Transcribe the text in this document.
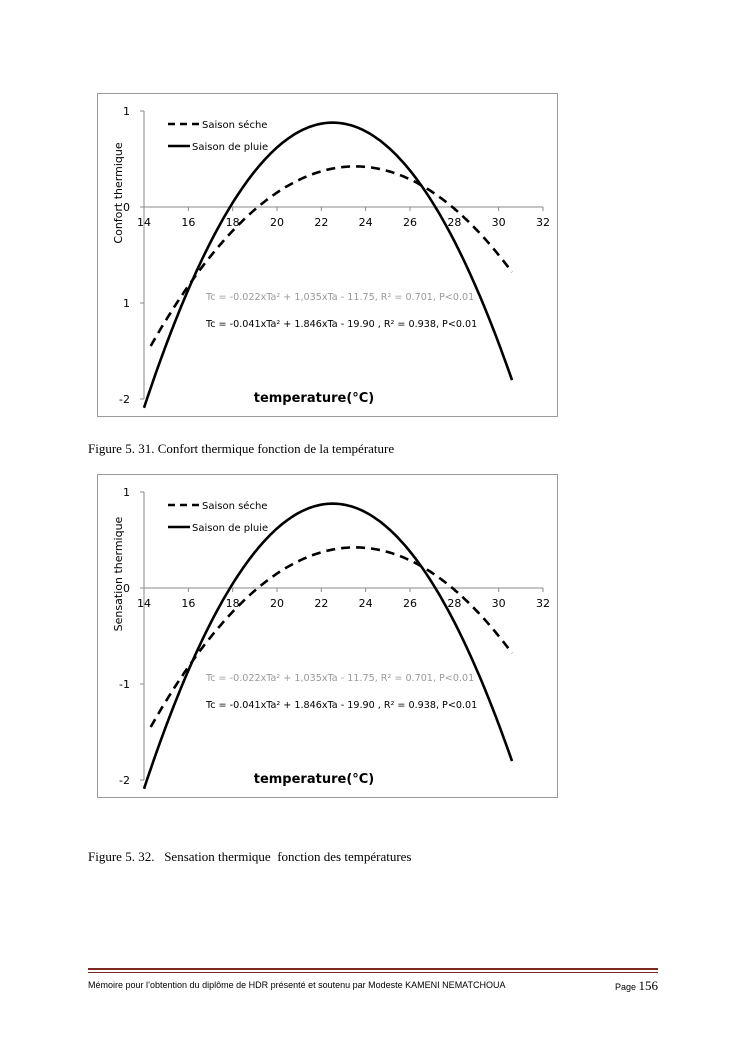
14	16	18	20	22	24	26	28	30	32
1
0
1
-2
Confort thermique
Saison séche
Saison de pluie
Tc = -0.022xTa² + 1,035xTa - 11.75, R² = 0.701, P<0.01
Tc = -0.041xTa² + 1.846xTa - 19.90 , R² = 0.938, P<0.01
temperature(°C)
Figure 5. 31. Confort thermique fonction de la température
14	16	18	20	22	24	26	28	30	32
1
0
-1
-2
Sensation thermique
Saison séche
Saison de pluie
Tc = -0.022xTa² + 1,035xTa - 11.75, R² = 0.701, P<0.01
Tc = -0.041xTa² + 1.846xTa - 19.90 , R² = 0.938, P<0.01
temperature(°C)
Figure 5. 32.   Sensation thermique  fonction des températures
Mémoire pour l’obtention du diplôme de HDR présenté et soutenu par Modeste KAMENI NEMATCHOUA	Page 156
